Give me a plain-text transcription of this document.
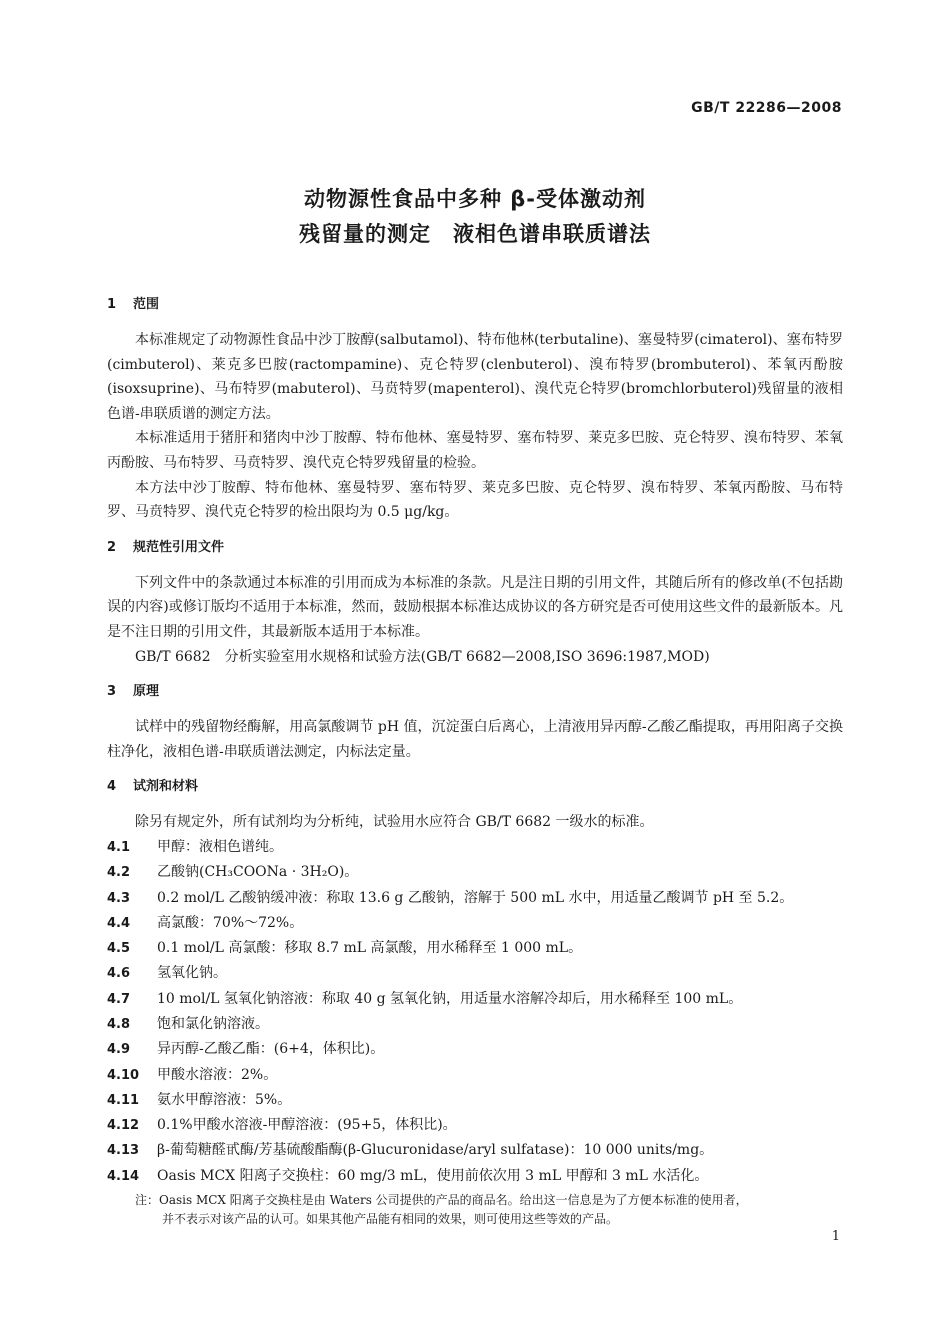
GB/T 22286—2008
动物源性食品中多种 β-受体激动剂
残留量的测定　液相色谱串联质谱法
1 范围

本标准规定了动物源性食品中沙丁胺醇(salbutamol)、特布他林(terbutaline)、塞曼特罗(cimaterol)、塞布特罗(cimbuterol)、莱克多巴胺(ractompamine)、克仑特罗(clenbuterol)、溴布特罗(brombuterol)、苯氧丙酚胺(isoxsuprine)、马布特罗(mabuterol)、马贲特罗(mapenterol)、溴代克仑特罗(bromchlorbuterol)残留量的液相色谱-串联质谱的测定方法。

本标准适用于猪肝和猪肉中沙丁胺醇、特布他林、塞曼特罗、塞布特罗、莱克多巴胺、克仑特罗、溴布特罗、苯氧丙酚胺、马布特罗、马贲特罗、溴代克仑特罗残留量的检验。

本方法中沙丁胺醇、特布他林、塞曼特罗、塞布特罗、莱克多巴胺、克仑特罗、溴布特罗、苯氧丙酚胺、马布特罗、马贲特罗、溴代克仑特罗的检出限均为 0.5 μg/kg。

2 规范性引用文件

下列文件中的条款通过本标准的引用而成为本标准的条款。凡是注日期的引用文件，其随后所有的修改单(不包括勘误的内容)或修订版均不适用于本标准，然而，鼓励根据本标准达成协议的各方研究是否可使用这些文件的最新版本。凡是不注日期的引用文件，其最新版本适用于本标准。

GB/T 6682　分析实验室用水规格和试验方法(GB/T 6682—2008,ISO 3696:1987,MOD)

3 原理

试样中的残留物经酶解，用高氯酸调节 pH 值，沉淀蛋白后离心，上清液用异丙醇-乙酸乙酯提取，再用阳离子交换柱净化，液相色谱-串联质谱法测定，内标法定量。

4 试剂和材料

除另有规定外，所有试剂均为分析纯，试验用水应符合 GB/T 6682 一级水的标准。

4.1 甲醇：液相色谱纯。
4.2 乙酸钠(CH₃COONa · 3H₂O)。
4.3 0.2 mol/L 乙酸钠缓冲液：称取 13.6 g 乙酸钠，溶解于 500 mL 水中，用适量乙酸调节 pH 至 5.2。
4.4 高氯酸：70%～72%。
4.5 0.1 mol/L 高氯酸：移取 8.7 mL 高氯酸，用水稀释至 1 000 mL。
4.6 氢氧化钠。
4.7 10 mol/L 氢氧化钠溶液：称取 40 g 氢氧化钠，用适量水溶解冷却后，用水稀释至 100 mL。
4.8 饱和氯化钠溶液。
4.9 异丙醇-乙酸乙酯：(6+4，体积比)。
4.10 甲酸水溶液：2%。
4.11 氨水甲醇溶液：5%。
4.12 0.1%甲酸水溶液-甲醇溶液：(95+5，体积比)。
4.13 β-葡萄糖醛甙酶/芳基硫酸酯酶(β-Glucuronidase/aryl sulfatase)：10 000 units/mg。
4.14 Oasis MCX 阳离子交换柱：60 mg/3 mL，使用前依次用 3 mL 甲醇和 3 mL 水活化。
注：Oasis MCX 阳离子交换柱是由 Waters 公司提供的产品的商品名。给出这一信息是为了方便本标准的使用者，
并不表示对该产品的认可。如果其他产品能有相同的效果，则可使用这些等效的产品。
1
